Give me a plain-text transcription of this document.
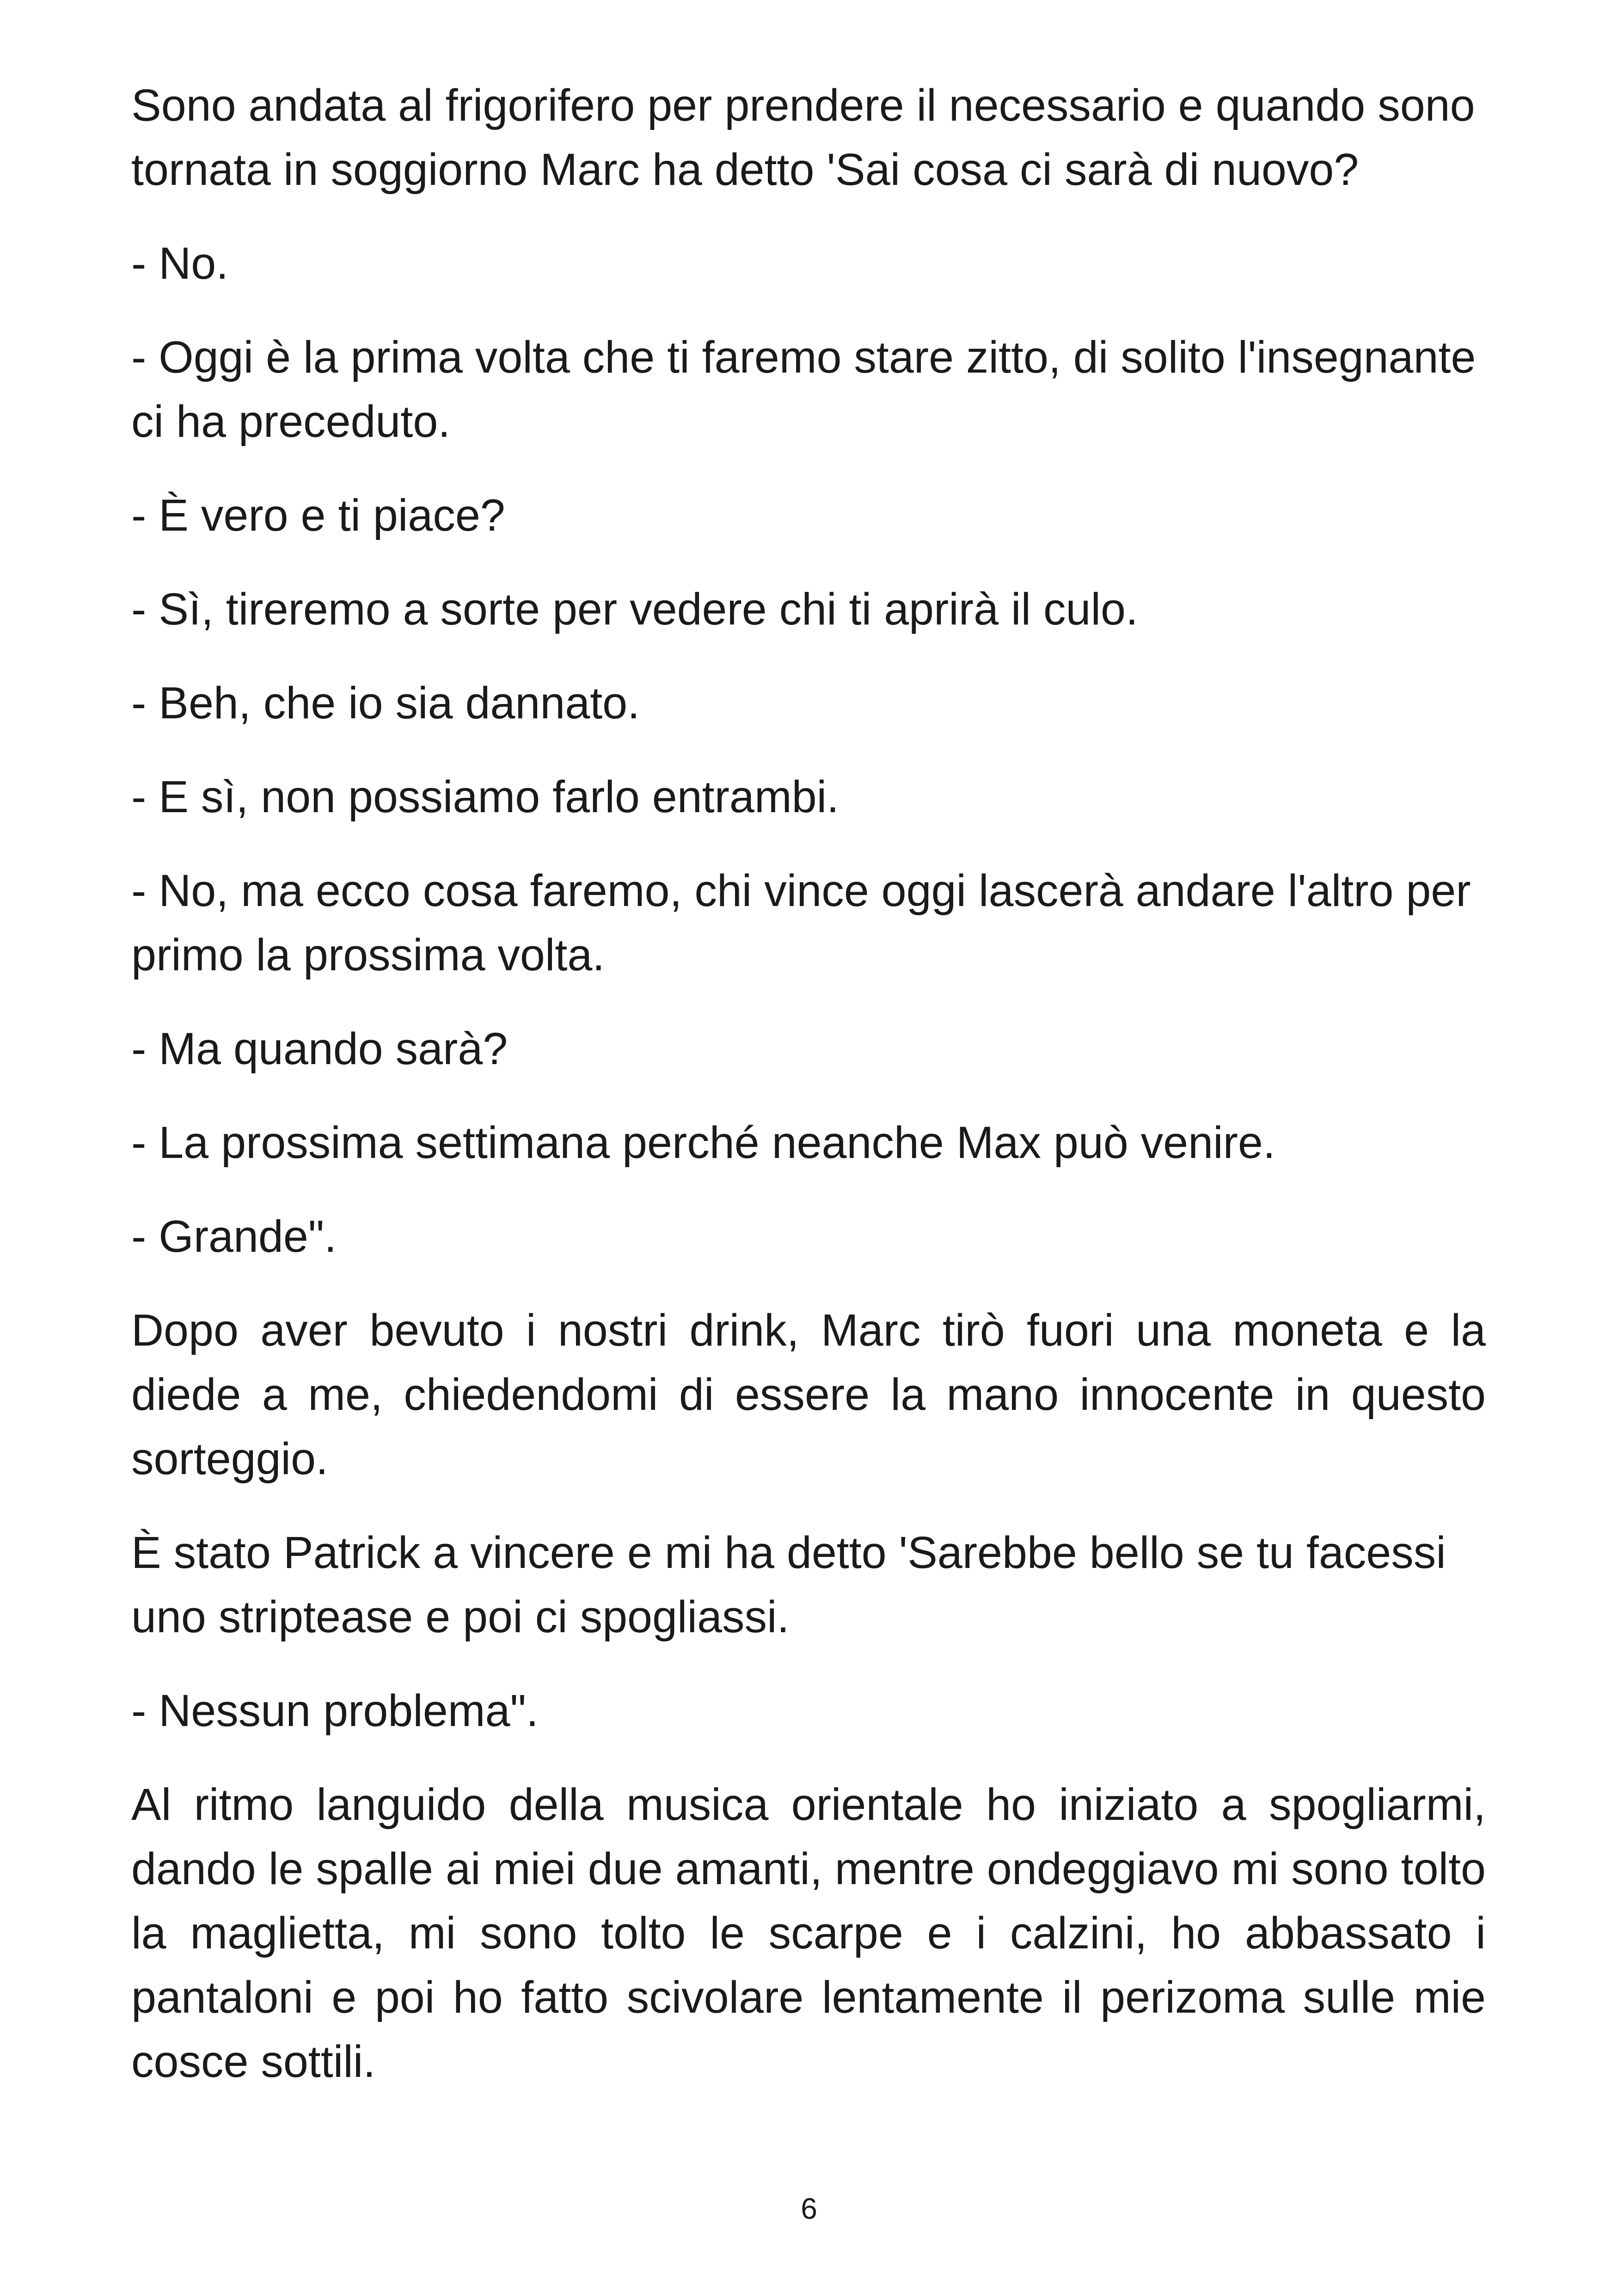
Sono andata al frigorifero per prendere il necessario e quando sono tornata in soggiorno Marc ha detto 'Sai cosa ci sarà di nuovo?

- No.

- Oggi è la prima volta che ti faremo stare zitto, di solito l'insegnante ci ha preceduto.

- È vero e ti piace?

- Sì, tireremo a sorte per vedere chi ti aprirà il culo.

- Beh, che io sia dannato.

- E sì, non possiamo farlo entrambi.

- No, ma ecco cosa faremo, chi vince oggi lascerà andare l'altro per primo la prossima volta.

- Ma quando sarà?

- La prossima settimana perché neanche Max può venire.

- Grande".

Dopo aver bevuto i nostri drink, Marc tirò fuori una moneta e la diede a me, chiedendomi di essere la mano innocente in questo sorteggio.

È stato Patrick a vincere e mi ha detto 'Sarebbe bello se tu facessi uno striptease e poi ci spogliassi.

- Nessun problema".

Al ritmo languido della musica orientale ho iniziato a spogliarmi, dando le spalle ai miei due amanti, mentre ondeggiavo mi sono tolto la maglietta, mi sono tolto le scarpe e i calzini, ho abbassato i pantaloni e poi ho fatto scivolare lentamente il perizoma sulle mie cosce sottili.

6
